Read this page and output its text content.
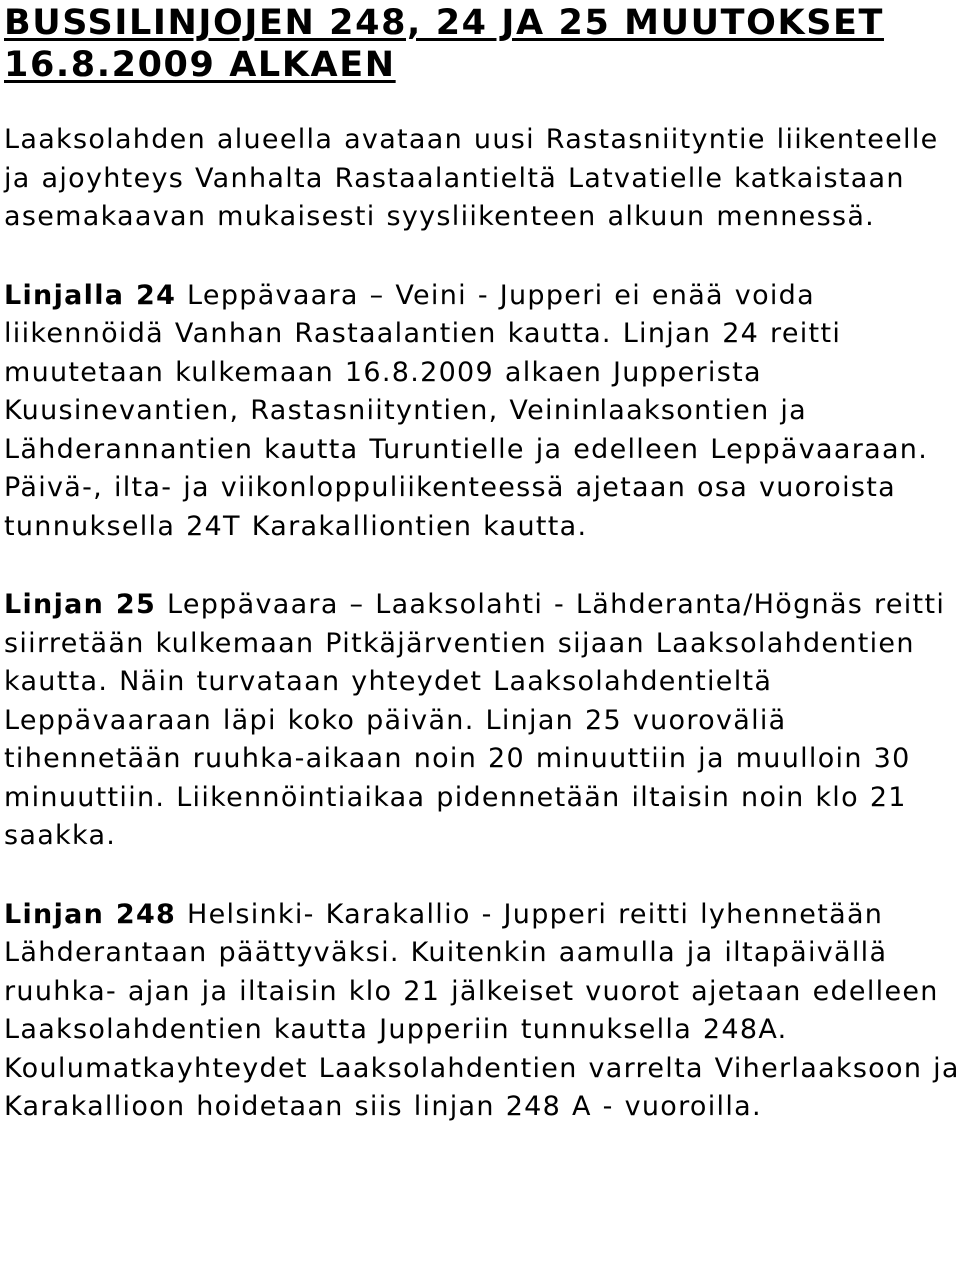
BUSSILINJOJEN 248, 24 JA 25 MUUTOKSET 16.8.2009 ALKAEN

Laaksolahden alueella avataan uusi Rastasniityntie liikenteelle ja ajoyhteys Vanhalta Rastaalantieltä Latvatielle katkaistaan asemakaavan mukaisesti syysliikenteen alkuun mennessä.

Linjalla 24 Leppävaara – Veini - Jupperi ei enää voida liikennöidä Vanhan Rastaalantien kautta. Linjan 24 reitti muutetaan kulkemaan 16.8.2009 alkaen Jupperista Kuusinevantien, Rastasniityntien, Veininlaaksontien ja Lähderannantien kautta Turuntielle ja edelleen Leppävaaraan. Päivä-, ilta- ja viikonloppuliikenteessä ajetaan osa vuoroista tunnuksella 24T Karakalliontien kautta.

Linjan 25 Leppävaara – Laaksolahti - Lähderanta/Högnäs reitti siirretään kulkemaan Pitkäjärventien sijaan Laaksolahdentien kautta. Näin turvataan yhteydet Laaksolahdentieltä Leppävaaraan läpi koko päivän. Linjan 25 vuoroväliä tihennetään ruuhka-aikaan noin 20 minuuttiin ja muulloin 30 minuuttiin. Liikennöintiaikaa pidennetään iltaisin noin klo 21 saakka.

Linjan 248 Helsinki- Karakallio - Jupperi reitti lyhennetään Lähderantaan päättyväksi. Kuitenkin aamulla ja iltapäivällä ruuhka- ajan ja iltaisin klo 21 jälkeiset vuorot ajetaan edelleen Laaksolahdentien kautta Jupperiin tunnuksella 248A. Koulumatkayhteydet Laaksolahdentien varrelta Viherlaaksoon ja Karakallioon hoidetaan siis linjan 248 A - vuoroilla.
